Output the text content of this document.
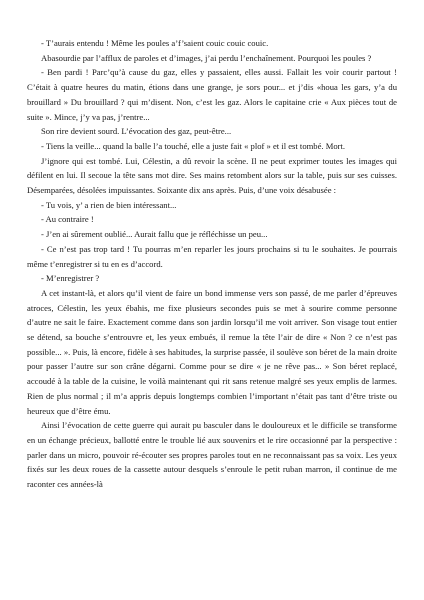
- T’aurais entendu ! Même les poules a’f’saient couic couic couic.

Abasourdie par l’afflux de paroles et d’images, j’ai perdu l’enchaînement. Pourquoi les poules ?

- Ben pardi ! Parc’qu’à cause du gaz, elles y passaient, elles aussi. Fallait les voir courir partout ! C’était à quatre heures du matin, étions dans une grange, je sors pour... et j’dis «houa les gars, y’a du brouillard » Du brouillard ? qui m’disent. Non, c’est les gaz. Alors le capitaine crie « Aux pièces tout de suite ». Mince, j’y va pas, j’rentre...

Son rire devient sourd. L’évocation des gaz, peut-être...

- Tiens la veille... quand la balle l’a touché, elle a juste fait « plof » et il est tombé. Mort.

J’ignore qui est tombé. Lui, Célestin, a dû revoir la scène. Il ne peut exprimer toutes les images qui défilent en lui. Il secoue la tête sans mot dire. Ses mains retombent alors sur la table, puis sur ses cuisses. Désemparées, désolées impuissantes. Soixante dix ans après. Puis, d’une voix désabusée :

- Tu vois, y’ a rien de bien intéressant...

- Au contraire !

- J’en ai sûrement oublié... Aurait fallu que je réfléchisse un peu...

- Ce n’est pas trop tard ! Tu pourras m’en reparler les jours prochains si tu le souhaites. Je pourrais même t’enregistrer si tu en es d’accord.

- M’enregistrer ?

A cet instant-là, et alors qu’il vient de faire un bond immense vers son passé, de me parler d’épreuves atroces, Célestin, les yeux ébahis, me fixe plusieurs secondes puis se met à sourire comme personne d’autre ne sait le faire. Exactement comme dans son jardin lorsqu’il me voit arriver. Son visage tout entier se détend, sa bouche s’entrouvre et, les yeux embués, il remue la tête l’air de dire « Non ? ce n’est pas possible... ». Puis, là encore, fidèle à ses habitudes, la surprise passée, il soulève son béret de la main droite pour passer l’autre sur son crâne dégarni. Comme pour se dire « je ne rêve pas... » Son béret replacé, accoudé à la table de la cuisine, le voilà maintenant qui rit sans retenue malgré ses yeux emplis de larmes. Rien de plus normal ; il m’a appris depuis longtemps combien l’important n’était pas tant d’être triste ou heureux que d’être ému.

Ainsi l’évocation de cette guerre qui aurait pu basculer dans le douloureux et le difficile se transforme en un échange précieux, ballotté entre le trouble lié aux souvenirs et le rire occasionné par la perspective : parler dans un micro, pouvoir ré-écouter ses propres paroles tout en ne reconnaissant pas sa voix. Les yeux fixés sur les deux roues de la cassette autour desquels s’enroule le petit ruban marron, il continue de me raconter ces années-là
